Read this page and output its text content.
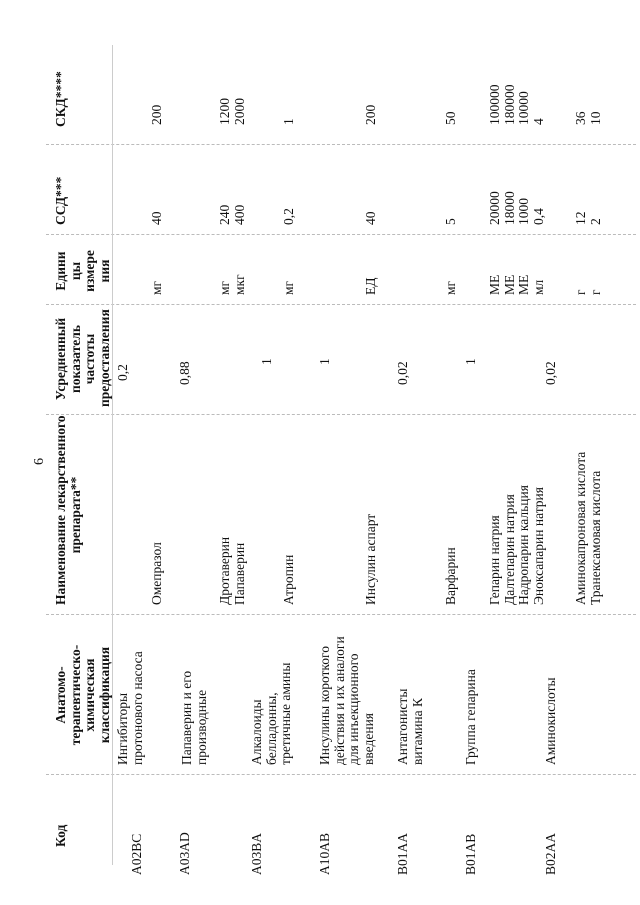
6
Код
Анатомо- терапевтическо- химическая классификация
Наименование лекарственного препарата**
Усредненный показатель частоты предоставления
Едини цы измере ния
ССД***
СКД****
A02BC
Ингибиторы протонового насоса
Омепразол
0,2
мг
40
200
A03AD
Папаверин и его производные
Дротаверин Папаверин
0,88
мг мкг
240 400
1200 2000
A03BA
Алкалоиды белладонны, третичные амины
Атропин
1
мг
0,2
1
A10AB
Инсулины короткого действия и их аналоги для инъекционного введения
Инсулин аспарт
1
ЕД
40
200
B01AA
Антагонисты витамина К
Варфарин
0,02
мг
5
50
B01AB
Группа гепарина
Гепарин натрия Далтепарин натрия Надропарин кальция Эноксапарин натрия
1
МЕ МЕ МЕ мл
20000 18000 1000 0,4
100000 180000 10000 4
B02AA
Аминокислоты
Аминокапроновая кислота Транексамовая кислота
0,02
г г
12 2
36 10
